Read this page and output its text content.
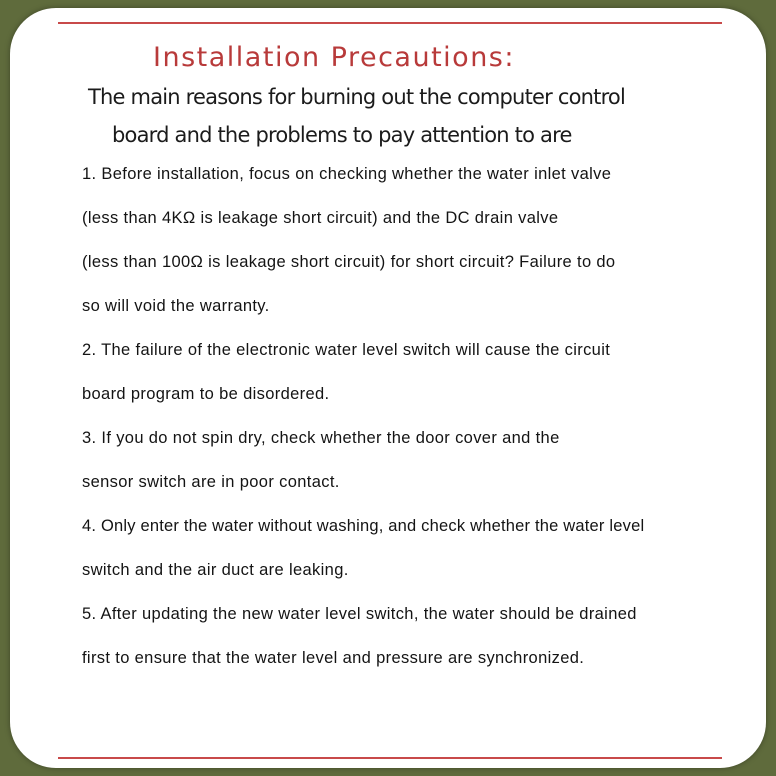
Installation Precautions:
The main reasons for burning out the computer control
board and the problems to pay attention to are
1. Before installation, focus on checking whether the water inlet valve
(less than 4KΩ is leakage short circuit) and the DC drain valve
(less than 100Ω is leakage short circuit) for short circuit? Failure to do
so will void the warranty.
2. The failure of the electronic water level switch will cause the circuit
board program to be disordered.
3. If you do not spin dry, check whether the door cover and the
sensor switch are in poor contact.
4. Only enter the water without washing, and check whether the water level
switch and the air duct are leaking.
5. After updating the new water level switch, the water should be drained
first to ensure that the water level and pressure are synchronized.
